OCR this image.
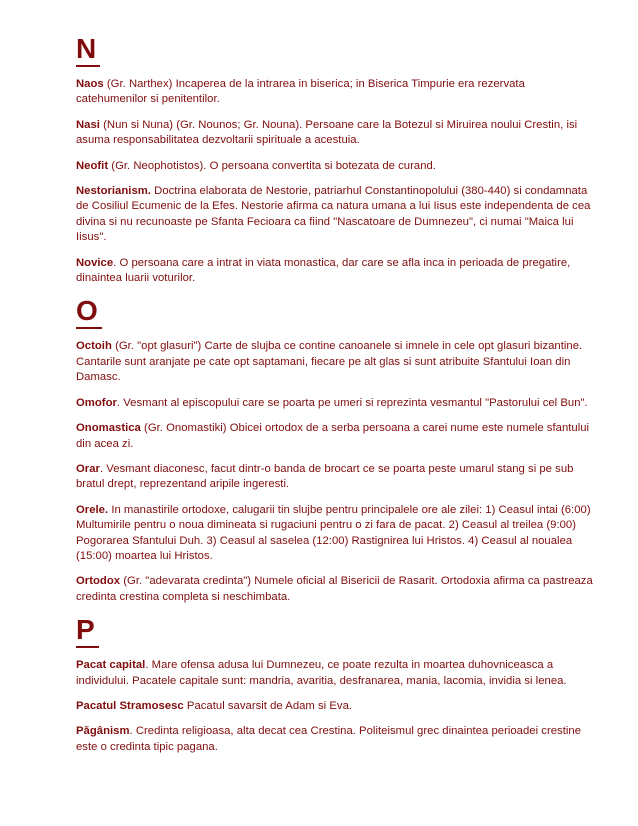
N

Naos (Gr. Narthex) Incaperea de la intrarea in biserica; in Biserica Timpurie era rezervata catehumenilor si penitentilor.

Nasi (Nun si Nuna) (Gr. Nounos; Gr. Nouna). Persoane care la Botezul si Miruirea noului Crestin, isi asuma responsabilitatea dezvoltarii spirituale a acestuia.

Neofit (Gr. Neophotistos). O persoana convertita si botezata de curand.

Nestorianism. Doctrina elaborata de Nestorie, patriarhul Constantinopolului (380-440) si condamnata de Cosiliul Ecumenic de la Efes. Nestorie afirma ca natura umana a lui Iisus este independenta de cea divina si nu recunoaste pe Sfanta Fecioara ca fiind "Nascatoare de Dumnezeu", ci numai "Maica lui Iisus".

Novice. O persoana care a intrat in viata monastica, dar care se afla inca in perioada de pregatire, dinaintea luarii voturilor.

O

Octoih (Gr. "opt glasuri") Carte de slujba ce contine canoanele si imnele in cele opt glasuri bizantine. Cantarile sunt aranjate pe cate opt saptamani, fiecare pe alt glas si sunt atribuite Sfantului Ioan din Damasc.

Omofor. Vesmant al episcopului care se poarta pe umeri si reprezinta vesmantul "Pastorului cel Bun".

Onomastica (Gr. Onomastiki) Obicei ortodox de a serba persoana a carei nume este numele sfantului din acea zi.

Orar. Vesmant diaconesc, facut dintr-o banda de brocart ce se poarta peste umarul stang si pe sub bratul drept, reprezentand aripile ingeresti.

Orele. In manastirile ortodoxe, calugarii tin slujbe pentru principalele ore ale zilei: 1) Ceasul intai (6:00) Multumirile pentru o noua dimineata si rugaciuni pentru o zi fara de pacat. 2) Ceasul al treilea (9:00) Pogorarea Sfantului Duh. 3) Ceasul al saselea (12:00) Rastignirea lui Hristos. 4) Ceasul al noualea (15:00) moartea lui Hristos.

Ortodox (Gr. "adevarata credinta") Numele oficial al Bisericii de Rasarit. Ortodoxia afirma ca pastreaza credinta crestina completa si neschimbata.

P

Pacat capital. Mare ofensa adusa lui Dumnezeu, ce poate rezulta in moartea duhovniceasca a individului. Pacatele capitale sunt: mandria, avaritia, desfranarea, mania, lacomia, invidia si lenea.

Pacatul Stramosesc Pacatul savarsit de Adam si Eva.

Păgânism. Credinta religioasa, alta decat cea Crestina. Politeismul grec dinaintea perioadei crestine este o credinta tipic pagana.
